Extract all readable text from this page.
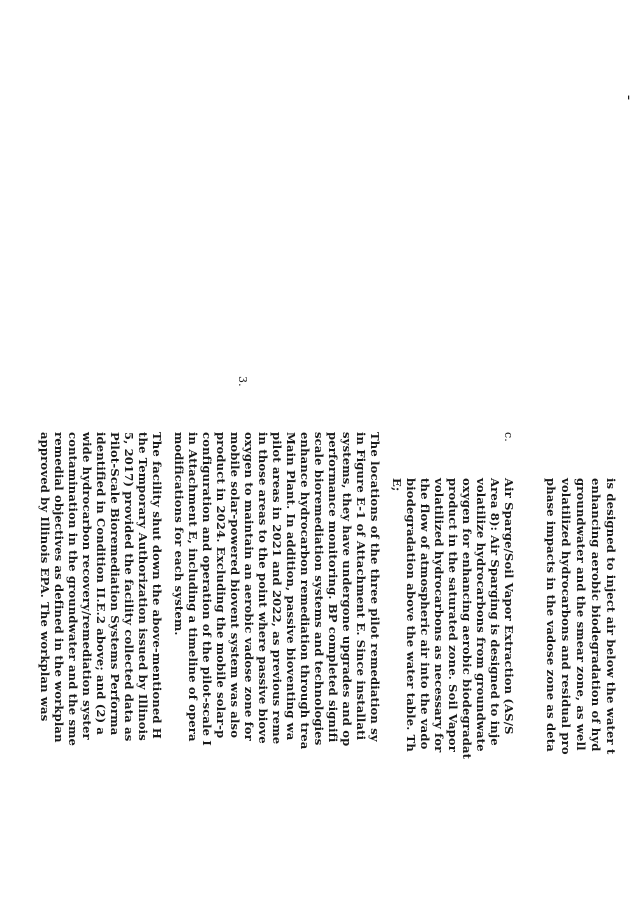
–
is designed to inject air below the water t
enhancing aerobic biodegradation of hyd
groundwater and the smear zone, as well
volatilized hydrocarbons and residual pro
phase impacts in the vadose zone as deta
c.
Air Sparge/Soil Vapor Extraction (AS/S
Area 8): Air Sparging is designed to inje
volatilize hydrocarbons from groundwate
oxygen for enhancing aerobic biodegradat
product in the saturated zone. Soil Vapor
volatilized hydrocarbons as necessary for
the flow of atmospheric air into the vado
biodegradation above the water table. Th
E;
The locations of the three pilot remediation sy
in Figure E-1 of Attachment E. Since installati
systems, they have undergone upgrades and op
performance monitoring. BP completed signifi
scale bioremediation systems and technologies
enhance hydrocarbon remediation through trea
Main Plant. In addition, passive bioventing wa
pilot areas in 2021 and 2022, as previous reme
in those areas to the point where passive biove
oxygen to maintain an aerobic vadose zone for
mobile solar-powered biovent system was also
product in 2024. Excluding the mobile solar-p
configuration and operation of the pilot-scale I
in Attachment E, including a timeline of opera
modifications for each system.
3.
The facility shut down the above-mentioned H
the Temporary Authorization issued by Illinois
5, 2017) provided the facility collected data as
Pilot-Scale Bioremediation Systems Performa
identified in Condition II.E.2 above; and (2) a
wide hydrocarbon recovery/remediation syster
contamination in the groundwater and the sme
remedial objectives as defined in the workplan
approved by Illinois EPA. The workplan was
